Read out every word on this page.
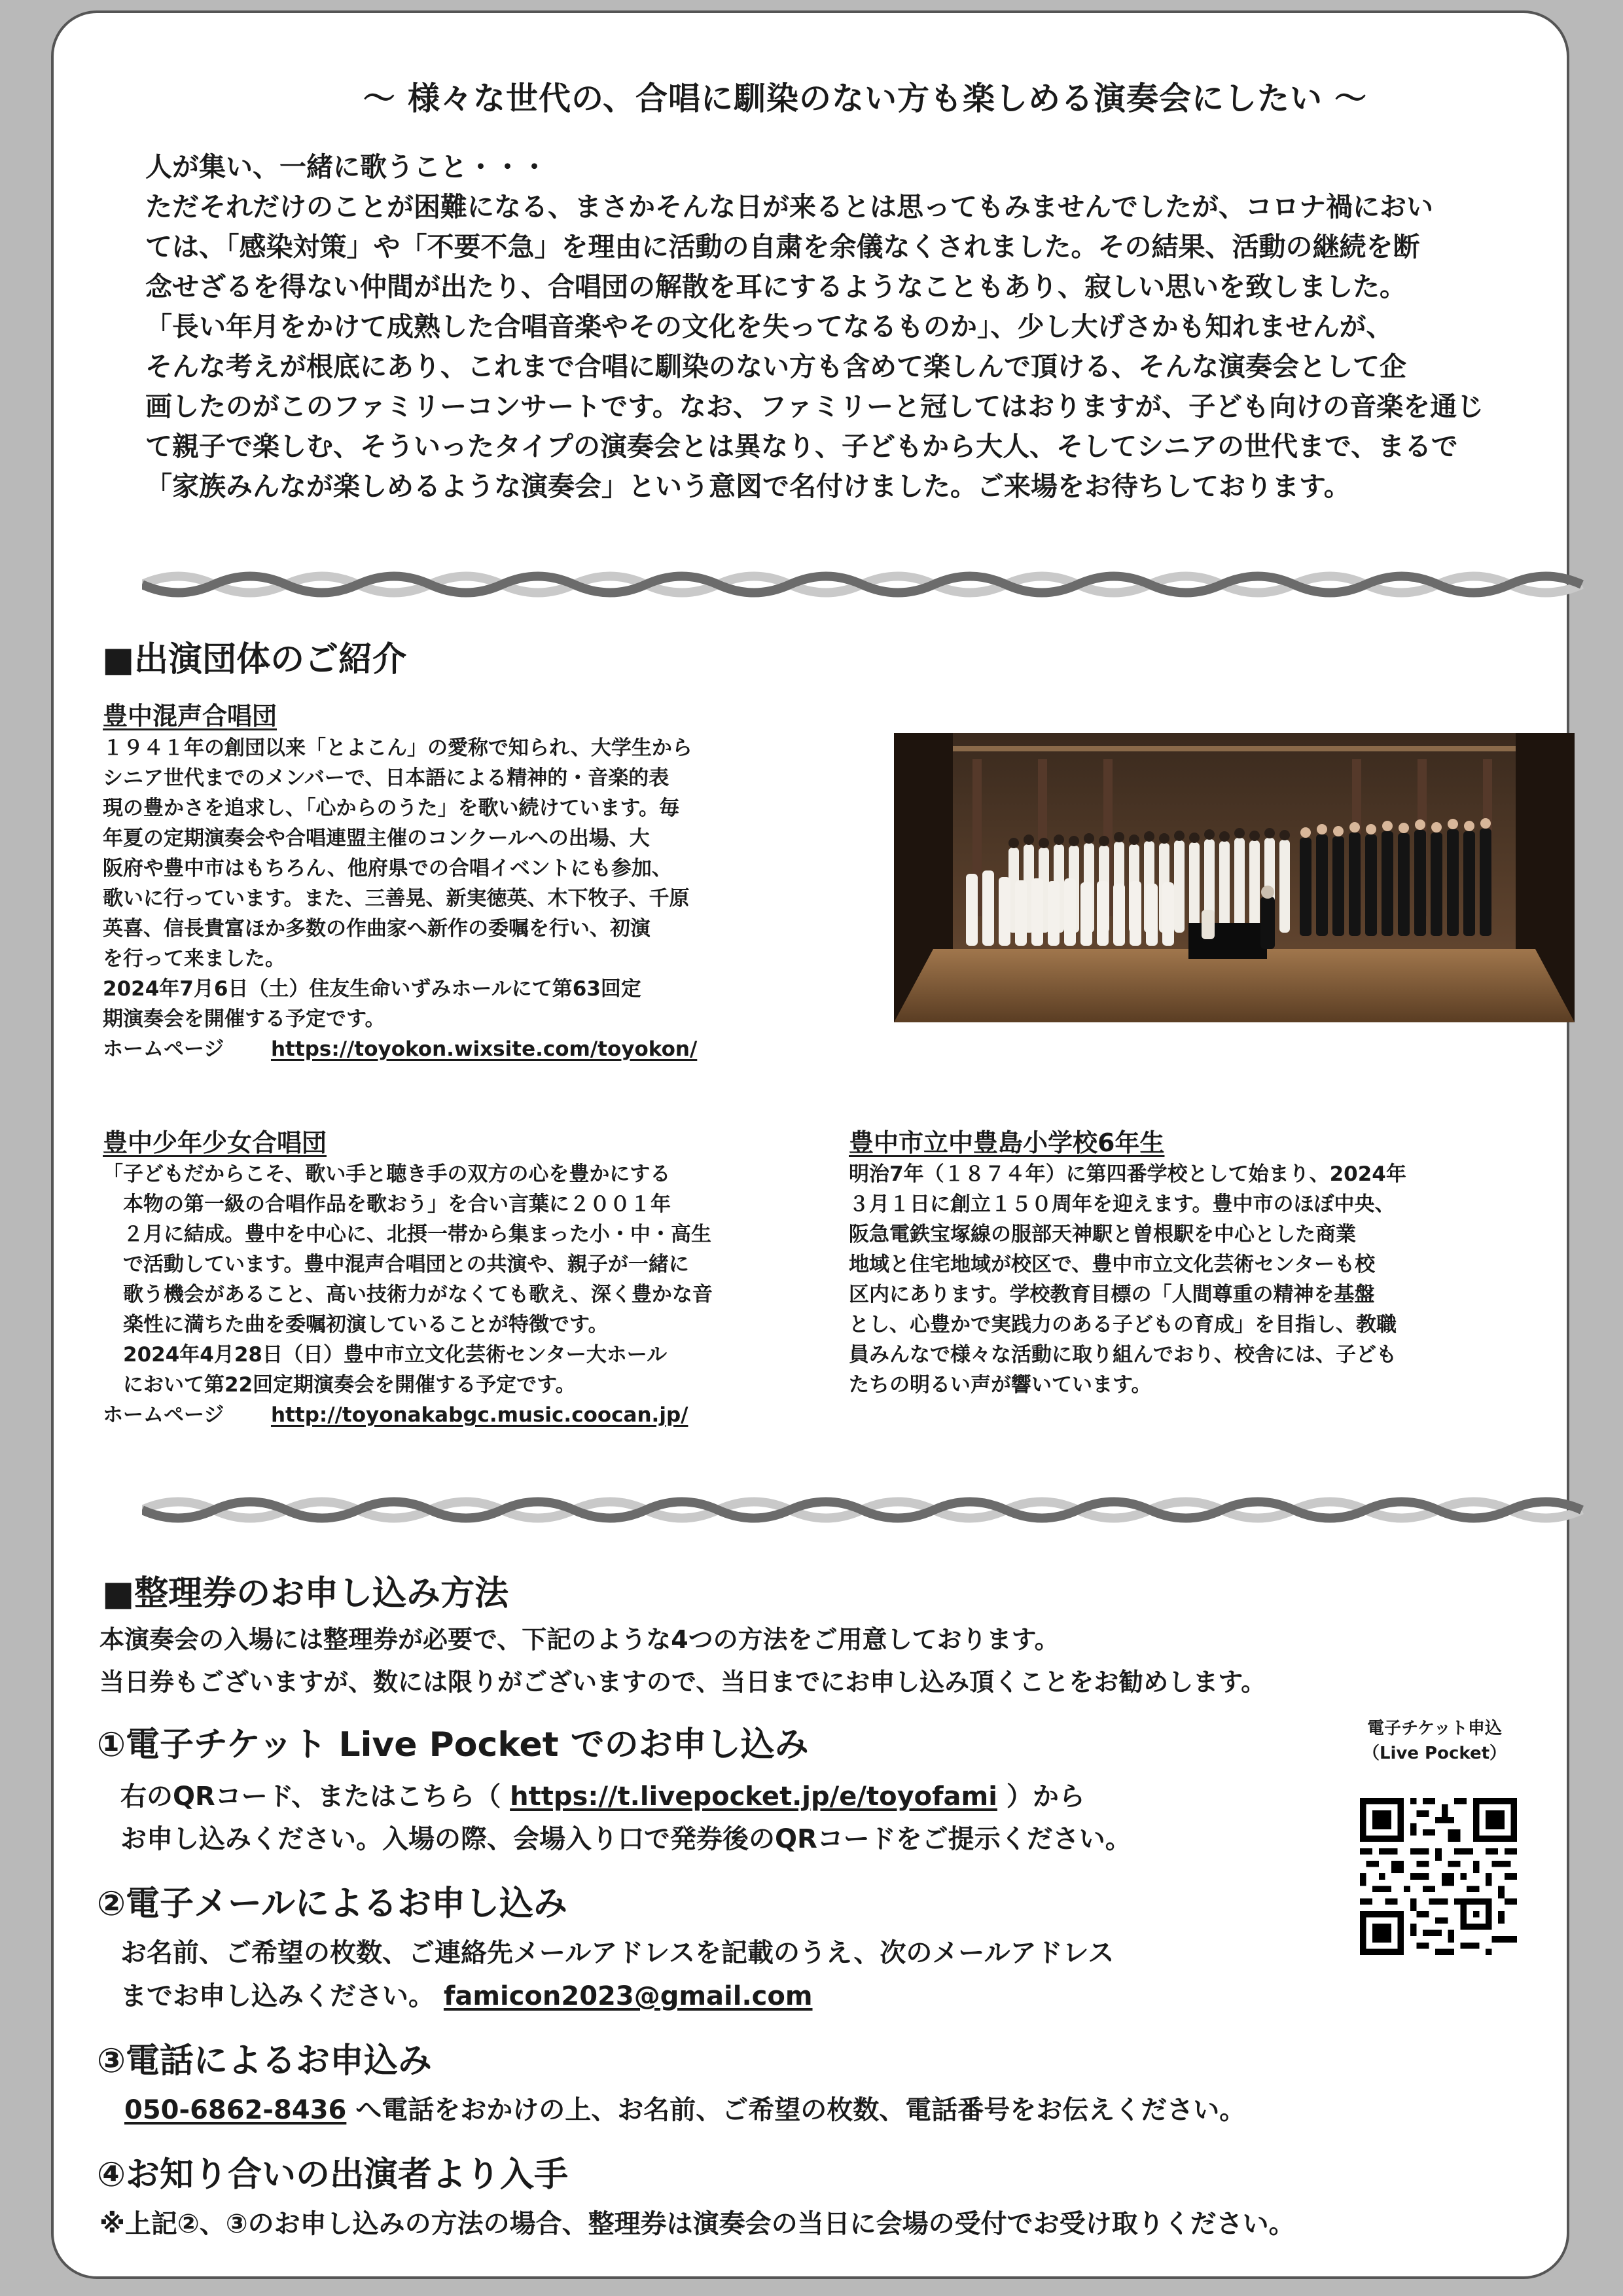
～ 様々な世代の、合唱に馴染のない方も楽しめる演奏会にしたい ～
人が集い、一緒に歌うこと・・・
ただそれだけのことが困難になる、まさかそんな日が来るとは思ってもみませんでしたが、コロナ禍におい
ては、「感染対策」や「不要不急」を理由に活動の自粛を余儀なくされました。その結果、活動の継続を断
念せざるを得ない仲間が出たり、合唱団の解散を耳にするようなこともあり、寂しい思いを致しました。
「長い年月をかけて成熟した合唱音楽やその文化を失ってなるものか」、少し大げさかも知れませんが、
そんな考えが根底にあり、これまで合唱に馴染のない方も含めて楽しんで頂ける、そんな演奏会として企
画したのがこのファミリーコンサートです。なお、ファミリーと冠してはおりますが、子ども向けの音楽を通じ
て親子で楽しむ、そういったタイプの演奏会とは異なり、子どもから大人、そしてシニアの世代まで、まるで
「家族みんなが楽しめるような演奏会」という意図で名付けました。ご来場をお待ちしております。
■出演団体のご紹介
豊中混声合唱団
１９４１年の創団以来「とよこん」の愛称で知られ、大学生から
シニア世代までのメンバーで、日本語による精神的・音楽的表
現の豊かさを追求し、「心からのうた」を歌い続けています。毎
年夏の定期演奏会や合唱連盟主催のコンクールへの出場、大
阪府や豊中市はもちろん、他府県での合唱イベントにも参加、
歌いに行っています。また、三善晃、新実徳英、木下牧子、千原
英喜、信長貴富ほか多数の作曲家へ新作の委嘱を行い、初演
を行って来ました。
2024年7月6日（土）住友生命いずみホールにて第63回定
期演奏会を開催する予定です。
ホームページ https://toyokon.wixsite.com/toyokon/
豊中少年少女合唱団
「子どもだからこそ、歌い手と聴き手の双方の心を豊かにする
　本物の第一級の合唱作品を歌おう」を合い言葉に２００１年
　２月に結成。豊中を中心に、北摂一帯から集まった小・中・高生
　で活動しています。豊中混声合唱団との共演や、親子が一緒に
　歌う機会があること、高い技術力がなくても歌え、深く豊かな音
　楽性に満ちた曲を委嘱初演していることが特徴です。
　2024年4月28日（日）豊中市立文化芸術センター大ホール
　において第22回定期演奏会を開催する予定です。
ホームページ http://toyonakabgc.music.coocan.jp/
豊中市立中豊島小学校6年生
明治7年（１８７４年）に第四番学校として始まり、2024年
３月１日に創立１５０周年を迎えます。豊中市のほぼ中央、
阪急電鉄宝塚線の服部天神駅と曽根駅を中心とした商業
地域と住宅地域が校区で、豊中市立文化芸術センターも校
区内にあります。学校教育目標の「人間尊重の精神を基盤
とし、心豊かで実践力のある子どもの育成」を目指し、教職
員みんなで様々な活動に取り組んでおり、校舎には、子ども
たちの明るい声が響いています。
■整理券のお申し込み方法
本演奏会の入場には整理券が必要で、下記のような4つの方法をご用意しております。
当日券もございますが、数には限りがございますので、当日までにお申し込み頂くことをお勧めします。
①電子チケット Live Pocket でのお申し込み
右のQRコード、またはこちら（ https://t.livepocket.jp/e/toyofami ）から
お申し込みください。入場の際、会場入り口で発券後のQRコードをご提示ください。
②電子メールによるお申し込み
お名前、ご希望の枚数、ご連絡先メールアドレスを記載のうえ、次のメールアドレス
までお申し込みください。 famicon2023@gmail.com
③電話によるお申込み
050-6862-8436 へ電話をおかけの上、お名前、ご希望の枚数、電話番号をお伝えください。
④お知り合いの出演者より入手
※上記②、③のお申し込みの方法の場合、整理券は演奏会の当日に会場の受付でお受け取りください。
電子チケット申込
（Live Pocket）
